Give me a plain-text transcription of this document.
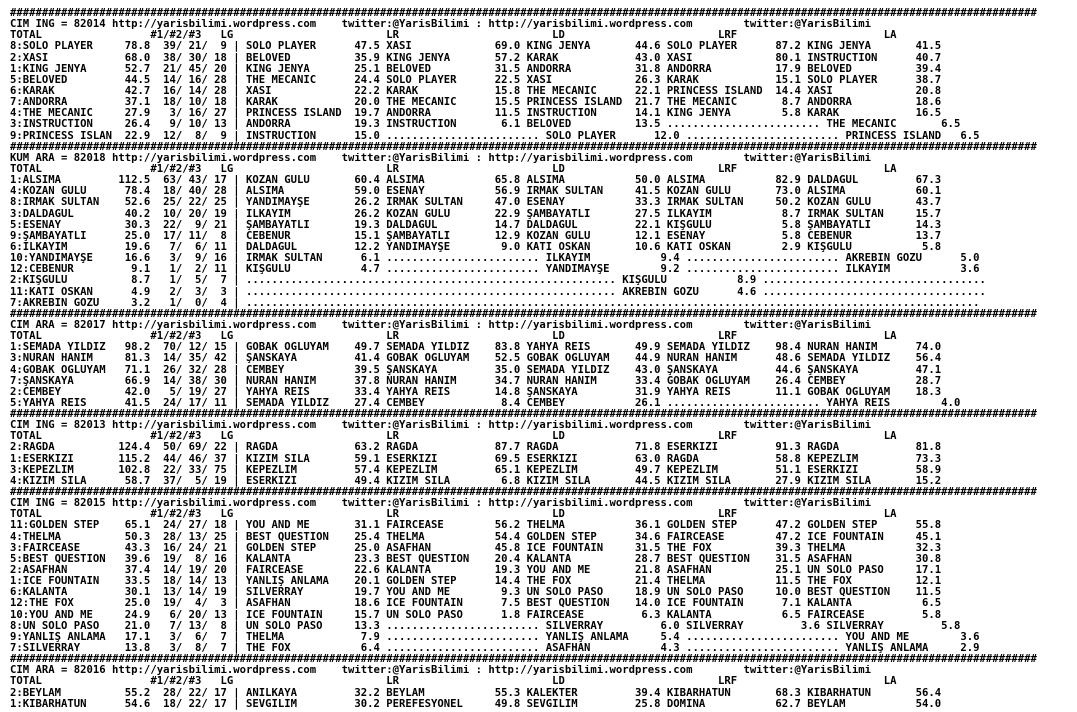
#################################################################################################################################################################
CIM ING = 82014 http://yarisbilimi.wordpress.com    twitter:@YarisBilimi : http://yarisbilimi.wordpress.com        twitter:@YarisBilimi
TOTAL                 #1/#2/#3   LG                        LR                        LD                        LRF                       LA
8:SOLO PLAYER     78.8  39/ 21/  9 | SOLO PLAYER      47.5 XASİ             69.0 KING JENYA       44.6 SOLO PLAYER      87.2 KING JENYA       41.5
2:XASİ            68.0  38/ 30/ 18 | BELOVED          35.9 KING JENYA       57.2 KARAK            43.0 XASİ             80.1 INSTRUCTION      40.7
1:KING JENYA      52.7  21/ 45/ 20 | KING JENYA       25.1 BELOVED          31.5 ANDORRA          31.8 ANDORRA          17.9 BELOVED          39.4
5:BELOVED         44.5  14/ 16/ 28 | THE MECANIC      24.4 SOLO PLAYER      22.5 XASİ             26.3 KARAK            15.1 SOLO PLAYER      38.7
6:KARAK           42.7  16/ 14/ 28 | XASİ             22.2 KARAK            15.8 THE MECANIC      22.1 PRINCESS ISLAND  14.4 XASİ             20.8
7:ANDORRA         37.1  18/ 10/ 18 | KARAK            20.0 THE MECANIC      15.5 PRINCESS ISLAND  21.7 THE MECANIC       8.7 ANDORRA          18.6
4:THE MECANIC     27.9   3/ 16/ 27 | PRINCESS ISLAND  19.7 ANDORRA          11.5 INSTRUCTION      14.1 KING JENYA        5.8 KARAK            16.5
3:INSTRUCTION     26.4   9/ 10/ 13 | ANDORRA          19.3 INSTRUCTION       6.1 BELOVED          13.5 ........................ THE MECANIC       6.5
9:PRINCESS ISLAN  22.9  12/  8/  9 | INSTRUCTION      15.0 ........................ SOLO PLAYER      12.0 ........................ PRINCESS ISLAND   6.5
#################################################################################################################################################################
KUM ARA = 82018 http://yarisbilimi.wordpress.com    twitter:@YarisBilimi : http://yarisbilimi.wordpress.com        twitter:@YarisBilimi
TOTAL                 #1/#2/#3   LG                        LR                        LD                        LRF                       LA
1:ALSİMA         112.5  63/ 43/ 17 | KOZAN GÜLÜ       60.4 ALSİMA           65.8 ALSİMA           50.0 ALSİMA           82.9 DALDAGÜL         67.3
4:KOZAN GÜLÜ      78.4  18/ 40/ 28 | ALSİMA           59.0 ESENAY           56.9 IRMAK SULTAN     41.5 KOZAN GÜLÜ       73.0 ALSİMA           60.1
8:IRMAK SULTAN    52.6  25/ 22/ 25 | YANDIMAYŞE       26.2 IRMAK SULTAN     47.0 ESENAY           33.3 IRMAK SULTAN     50.2 KOZAN GÜLÜ       43.7
3:DALDAGÜL        40.2  10/ 20/ 19 | İLKAYIM          26.2 KOZAN GÜLÜ       22.9 ŞAMBAYATLI       27.5 İLKAYIM           8.7 IRMAK SULTAN     15.7
5:ESENAY          30.3  22/  9/ 21 | ŞAMBAYATLI       19.3 DALDAGÜL         14.7 DALDAGÜL         22.1 KIŞGÜLÜ           5.8 ŞAMBAYATLI       14.3
9:ŞAMBAYATLI      25.0  17/ 11/  8 | CEBENUR          15.1 ŞAMBAYATLI       12.9 KOZAN GÜLÜ       12.1 ESENAY            5.8 CEBENUR          13.7
6:İLKAYIM         19.6   7/  6/ 11 | DALDAGÜL         12.2 YANDIMAYŞE        9.0 KATI ÖSKAN       10.6 KATI ÖSKAN        2.9 KIŞGÜLÜ           5.8
10:YANDIMAYŞE     16.6   3/  9/ 16 | IRMAK SULTAN      6.1 ........................ İLKAYIM           9.4 ........................ AKREBİN GÖZÜ      5.0
12:CEBENUR         9.1   1/  2/ 11 | KIŞGÜLÜ           4.7 ........................ YANDIMAYŞE        9.2 ........................ İLKAYIM           3.6
2:KIŞGÜLÜ          8.7   1/  5/  7 | .......................................................... KIŞGÜLÜ           8.9 ...................................
11:KATI ÖSKAN      4.9   2/  3/  3 | .......................................................... AKREBİN GÖZÜ      4.6 ...................................
7:AKREBİN GÖZÜ     3.2   1/  0/  4 | ...................................................................................................................
#################################################################################################################################################################
CIM ARA = 82017 http://yarisbilimi.wordpress.com    twitter:@YarisBilimi : http://yarisbilimi.wordpress.com        twitter:@YarisBilimi
TOTAL                 #1/#2/#3   LG                        LR                        LD                        LRF                       LA
1:SEMADA YILDIZ   98.2  70/ 12/ 15 | GOBAK OĞLUYAM    49.7 SEMADA YILDIZ    83.8 YAHYA REİS       49.9 SEMADA YILDIZ    98.4 NURAN HANIM      74.0
3:NURAN HANIM     81.3  14/ 35/ 42 | ŞANSKAYA         41.4 GOBAK OĞLUYAM    52.5 GOBAK OĞLUYAM    44.9 NURAN HANIM      48.6 SEMADA YILDIZ    56.4
4:GOBAK OĞLUYAM   71.1  26/ 32/ 28 | CEMBEY           39.5 ŞANSKAYA         35.0 SEMADA YILDIZ    43.0 ŞANSKAYA         44.6 ŞANSKAYA         47.1
7:ŞANSKAYA        66.9  14/ 38/ 30 | NURAN HANIM      37.8 NURAN HANIM      34.7 NURAN HANIM      33.4 GOBAK OĞLUYAM    26.4 CEMBEY           28.7
2:CEMBEY          42.0   5/ 19/ 27 | YAHYA REİS       33.4 YAHYA REİS       14.8 ŞANSKAYA         31.9 YAHYA REİS       11.1 GOBAK OĞLUYAM    18.3
5:YAHYA REİS      41.5  24/ 17/ 11 | SEMADA YILDIZ    27.4 CEMBEY            8.4 CEMBEY           26.1 ........................ YAHYA REİS        4.0
#################################################################################################################################################################
CIM ING = 82013 http://yarisbilimi.wordpress.com    twitter:@YarisBilimi : http://yarisbilimi.wordpress.com        twitter:@YarisBilimi
TOTAL                 #1/#2/#3   LG                        LR                        LD                        LRF                       LA
2:RAGDA          124.4  50/ 69/ 22 | RAGDA            63.2 RAGDA            87.7 RAGDA            71.8 ESERKIZI         91.3 RAGDA            81.8
1:ESERKIZI       115.2  44/ 46/ 37 | KIZIM SILA       59.1 ESERKIZI         69.5 ESERKIZI         63.0 RAGDA            58.8 KEPEZLİM         73.3
3:KEPEZLİM       102.8  22/ 33/ 75 | KEPEZLİM         57.4 KEPEZLİM         65.1 KEPEZLİM         49.7 KEPEZLİM         51.1 ESERKIZI         58.9
4:KIZIM SILA      58.7  37/  5/ 19 | ESERKIZI         49.4 KIZIM SILA        6.8 KIZIM SILA       44.5 KIZIM SILA       27.9 KIZIM SILA       15.2
#################################################################################################################################################################
CIM ING = 82015 http://yarisbilimi.wordpress.com    twitter:@YarisBilimi : http://yarisbilimi.wordpress.com        twitter:@YarisBilimi
TOTAL                 #1/#2/#3   LG                        LR                        LD                        LRF                       LA
11:GOLDEN STEP    65.1  24/ 27/ 18 | YOU AND ME       31.1 FAIRCEASE        56.2 THELMA           36.1 GOLDEN STEP      47.2 GOLDEN STEP      55.8
4:THELMA          50.3  28/ 13/ 25 | BEST QUESTION    25.4 THELMA           54.4 GOLDEN STEP      34.6 FAIRCEASE        47.2 ICE FOUNTAIN     45.1
3:FAIRCEASE       43.3  16/ 24/ 21 | GOLDEN STEP      25.0 ASAFHAN          45.8 ICE FOUNTAIN     31.5 THE FOX          39.3 THELMA           32.3
5:BEST QUESTION   39.6  19/  8/ 16 | KALANTA          23.3 BEST QUESTION    20.4 KALANTA          28.7 BEST QUESTION    31.5 ASAFHAN          30.8
2:ASAFHAN         37.4  14/ 19/ 20 | FAIRCEASE        22.6 KALANTA          19.3 YOU AND ME       21.8 ASAFHAN          25.1 UN SOLO PASO     17.1
1:ICE FOUNTAIN    33.5  18/ 14/ 13 | YANLIŞ ANLAMA    20.1 GOLDEN STEP      14.4 THE FOX          21.4 THELMA           11.5 THE FOX          12.1
6:KALANTA         30.1  13/ 14/ 19 | SILVERRAY        19.7 YOU AND ME        9.3 UN SOLO PASO     18.9 UN SOLO PASO     10.0 BEST QUESTION    11.5
12:THE FOX        25.0  19/  4/  3 | ASAFHAN          18.6 ICE FOUNTAIN      7.5 BEST QUESTION    14.0 ICE FOUNTAIN      7.1 KALANTA           6.5
10:YOU AND ME     24.9   6/ 20/ 13 | ICE FOUNTAIN     15.7 UN SOLO PASO      1.8 FAIRCEASE         6.3 KALANTA           6.5 FAIRCEASE         5.8
8:UN SOLO PASO    21.0   7/ 13/  8 | UN SOLO PASO     13.3 ........................ SILVERRAY         6.0 SILVERRAY         3.6 SILVERRAY         5.8
9:YANLIŞ ANLAMA   17.1   3/  6/  7 | THELMA            7.9 ........................ YANLIŞ ANLAMA     5.4 ........................ YOU AND ME        3.6
7:SILVERRAY       13.8   3/  8/  7 | THE FOX           6.4 ........................ ASAFHAN           4.3 ........................ YANLIŞ ANLAMA     2.9
#################################################################################################################################################################
CIM ARA = 82016 http://yarisbilimi.wordpress.com    twitter:@YarisBilimi : http://yarisbilimi.wordpress.com        twitter:@YarisBilimi
TOTAL                 #1/#2/#3   LG                        LR                        LD                        LRF                       LA
2:BEYLAM          55.2  28/ 22/ 17 | ANILKAYA         32.2 BEYLAM           55.3 KALEKTER         39.4 KIBARHATUN       68.3 KIBARHATUN       56.4
1:KIBARHATUN      54.6  18/ 22/ 17 | SEVGİLİM         30.2 PEREFESYONEL     49.8 SEVGİLİM         25.8 DOMİNA           62.7 BEYLAM           54.0
